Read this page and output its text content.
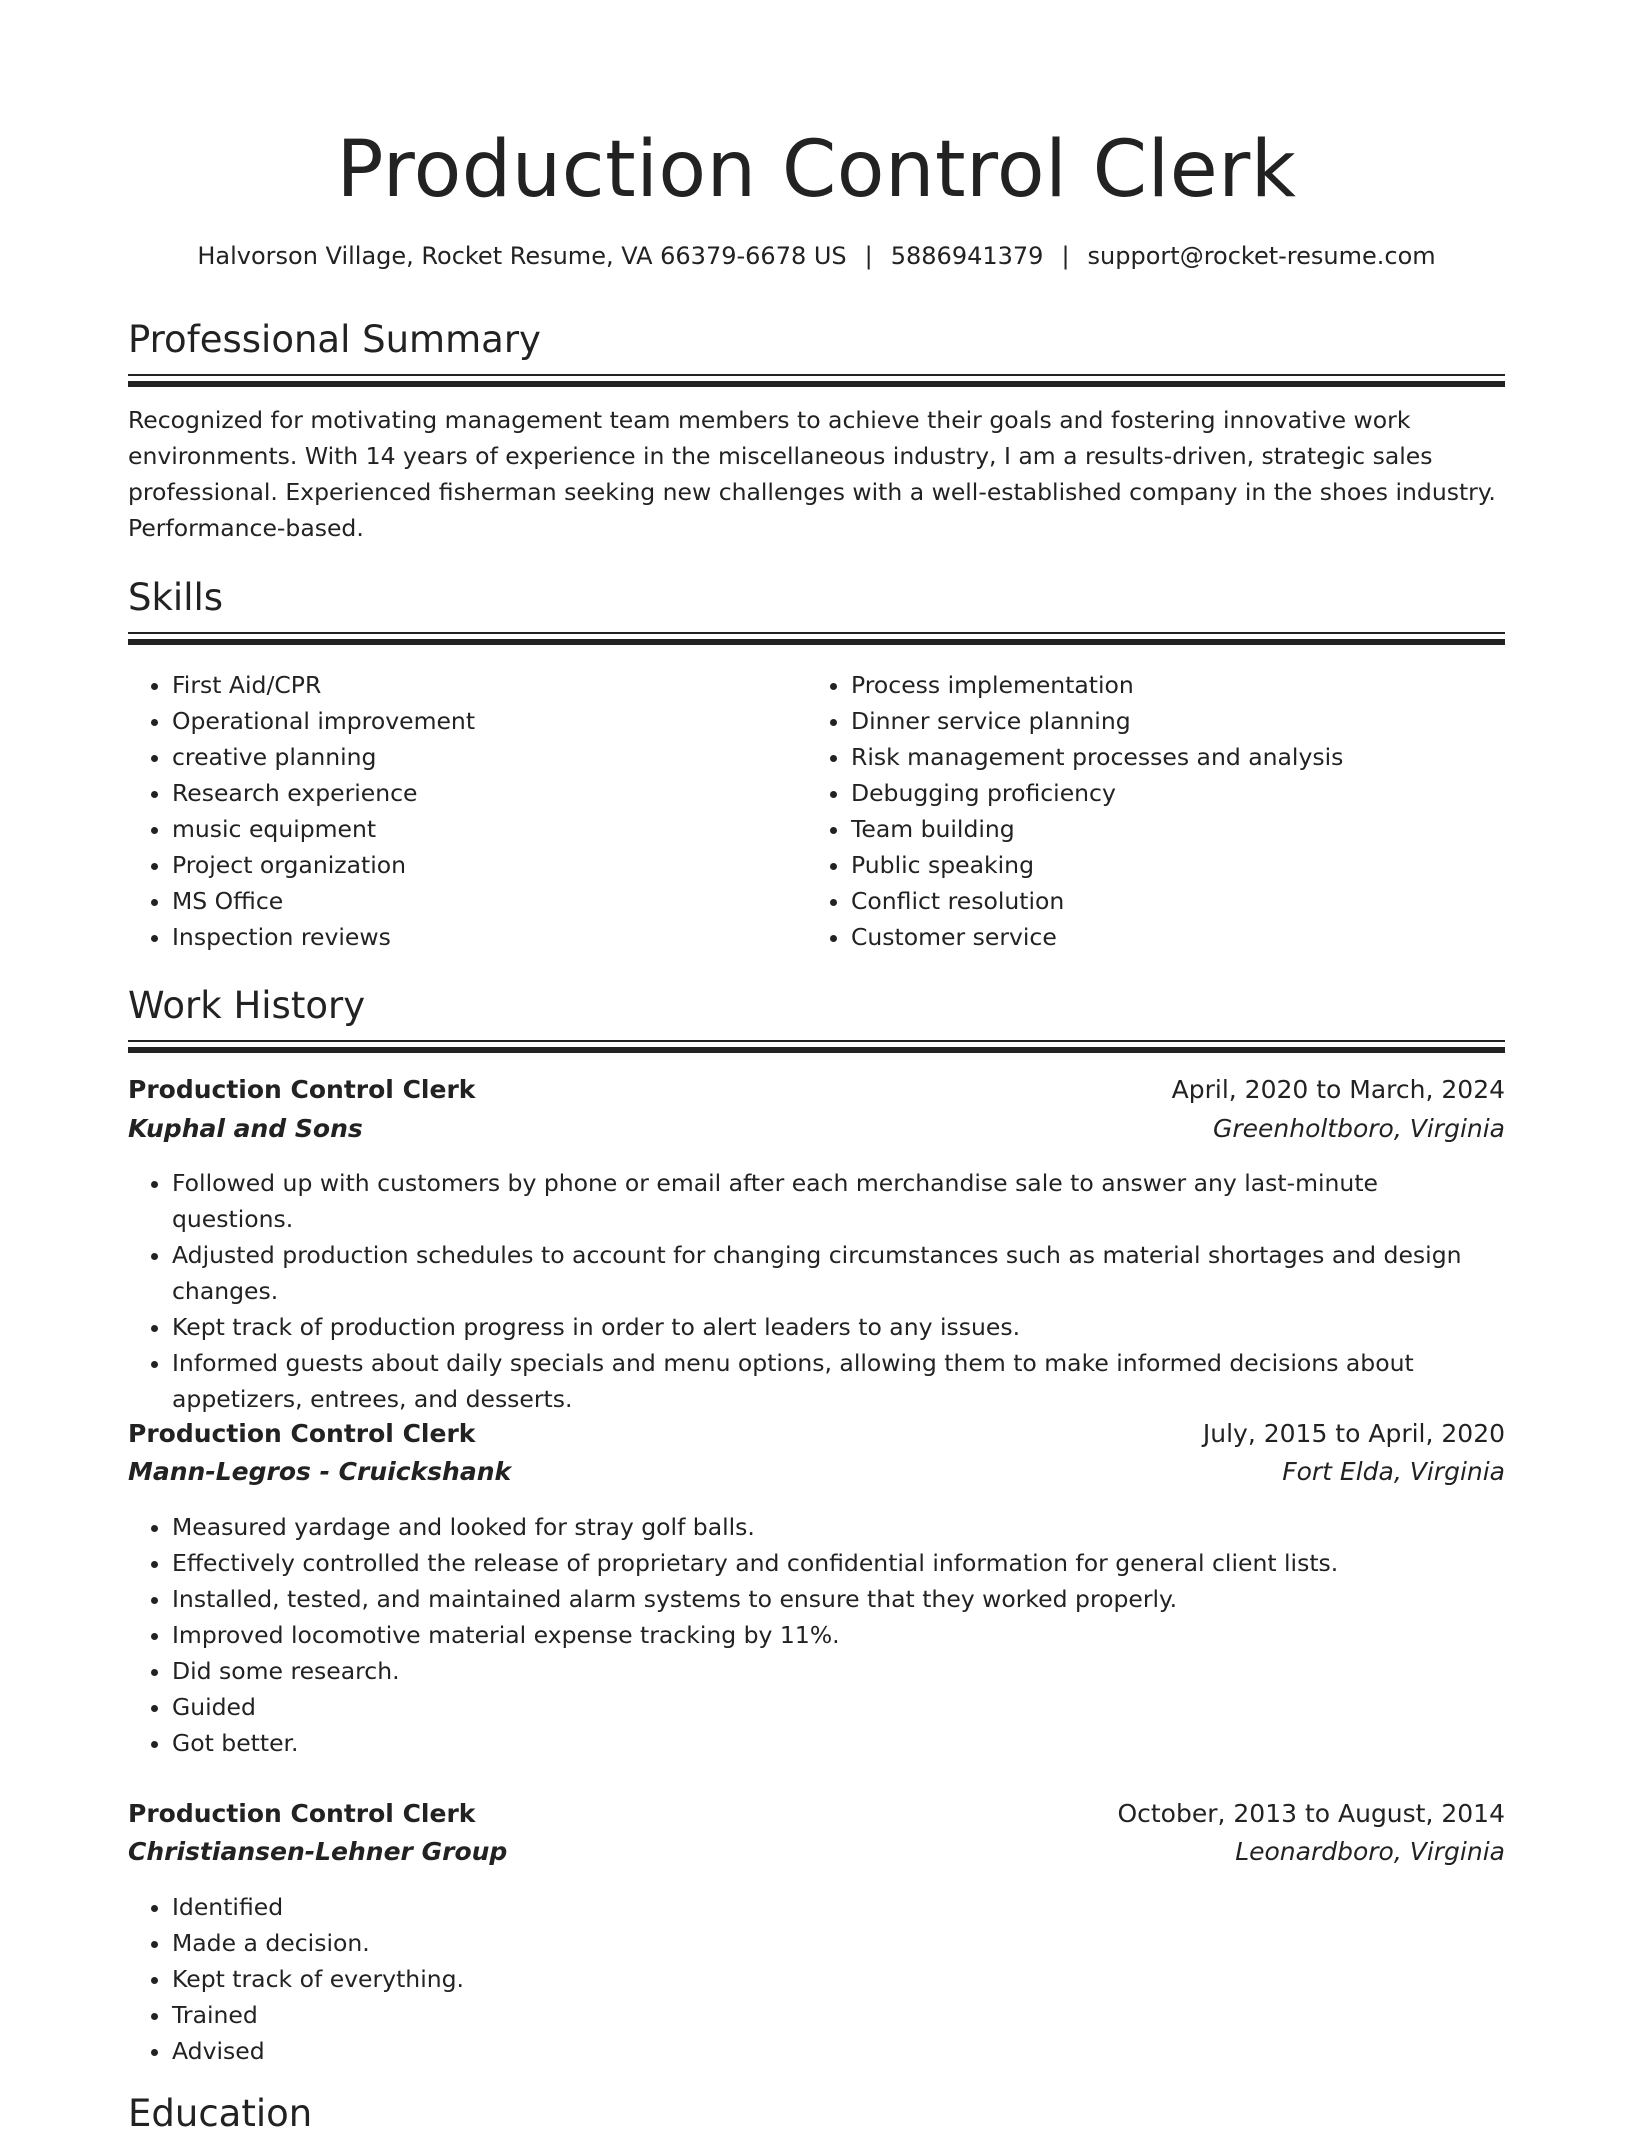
Production Control Clerk
Halvorson Village, Rocket Resume, VA 66379-6678 US | 5886941379 | support@rocket-resume.com
Professional Summary

Recognized for motivating management team members to achieve their goals and fostering innovative work environments. With 14 years of experience in the miscellaneous industry, I am a results-driven, strategic sales professional. Experienced fisherman seeking new challenges with a well-established company in the shoes industry. Performance-based.

Skills
• First Aid/CPR
• Operational improvement
• creative planning
• Research experience
• music equipment
• Project organization
• MS Office
• Inspection reviews
• Process implementation
• Dinner service planning
• Risk management processes and analysis
• Debugging proficiency
• Team building
• Public speaking
• Conflict resolution
• Customer service
Work History
Production Control Clerk	April, 2020 to March, 2024
Kuphal and Sons	Greenholtboro, Virginia
• Followed up with customers by phone or email after each merchandise sale to answer any last-minute questions.
• Adjusted production schedules to account for changing circumstances such as material shortages and design changes.
• Kept track of production progress in order to alert leaders to any issues.
• Informed guests about daily specials and menu options, allowing them to make informed decisions about appetizers, entrees, and desserts.
Production Control Clerk	July, 2015 to April, 2020
Mann-Legros - Cruickshank	Fort Elda, Virginia
• Measured yardage and looked for stray golf balls.
• Effectively controlled the release of proprietary and confidential information for general client lists.
• Installed, tested, and maintained alarm systems to ensure that they worked properly.
• Improved locomotive material expense tracking by 11%.
• Did some research.
• Guided
• Got better.
Production Control Clerk	October, 2013 to August, 2014
Christiansen-Lehner Group	Leonardboro, Virginia
• Identified
• Made a decision.
• Kept track of everything.
• Trained
• Advised
Education
